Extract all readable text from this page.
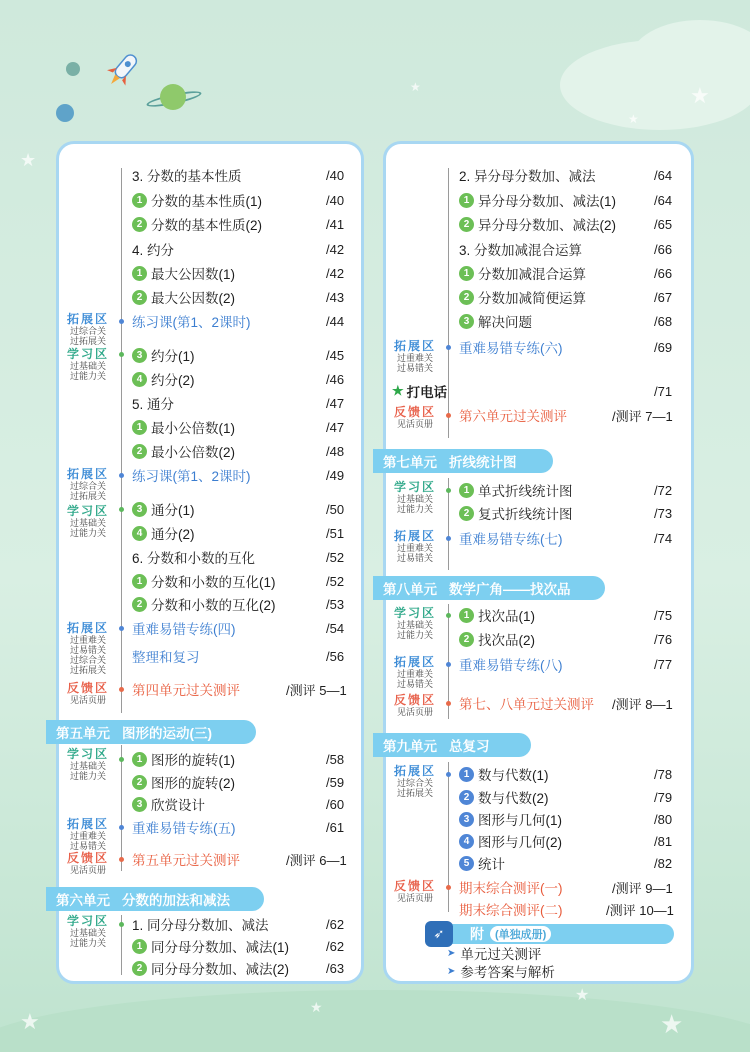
★
★
★
★
★
★
★
★
3. 分数的基本性质	/40
1 分数的基本性质(1)	/40
2 分数的基本性质(2)	/41
4. 约分	/42
1 最大公因数(1)	/42
2 最大公因数(2)	/43
练习课(第1、2课时)	/44
3 约分(1)	/45
4 约分(2)	/46
5. 通分	/47
1 最小公倍数(1)	/47
2 最小公倍数(2)	/48
练习课(第1、2课时)	/49
3 通分(1)	/50
4 通分(2)	/51
6. 分数和小数的互化	/52
1 分数和小数的互化(1)	/52
2 分数和小数的互化(2)	/53
重难易错专练(四)	/54
整理和复习	/56
第四单元过关测评	/测评 5—1
第五单元 图形的运动(三)
1 图形的旋转(1)	/58
2 图形的旋转(2)	/59
3 欣赏设计	/60
重难易错专练(五)	/61
第五单元过关测评	/测评 6—1
第六单元 分数的加法和减法
1. 同分母分数加、减法	/62
1 同分母分数加、减法(1)	/62
2 同分母分数加、减法(2)	/63
拓展区
过综合关
过拓展关
学习区
过基础关
过能力关
拓展区
过综合关
过拓展关
学习区
过基础关
过能力关
拓展区
过重难关
过易错关
过综合关
过拓展关
反馈区
见活页册
学习区
过基础关
过能力关
拓展区
过重难关
过易错关
反馈区
见活页册
学习区
过基础关
过能力关
2. 异分母分数加、减法	/64
1 异分母分数加、减法(1)	/64
2 异分母分数加、减法(2)	/65
3. 分数加减混合运算	/66
1 分数加减混合运算	/66
2 分数加减简便运算	/67
3 解决问题	/68
重难易错专练(六)	/69
★ 打电话	/71
第六单元过关测评	/测评 7—1
第七单元 折线统计图
1 单式折线统计图	/72
2 复式折线统计图	/73
重难易错专练(七)	/74
第八单元 数学广角——找次品
1 找次品(1)	/75
2 找次品(2)	/76
重难易错专练(八)	/77
第七、八单元过关测评 /测评 8—1
第九单元 总复习
1 数与代数(1)	/78
2 数与代数(2)	/79
3 图形与几何(1)	/80
4 图形与几何(2)	/81
5 统计	/82
期末综合测评(一)	/测评 9—1
期末综合测评(二)	/测评 10—1
拓展区
过重难关
过易错关
反馈区
见活页册
学习区
过基础关
过能力关
拓展区
过重难关
过易错关
学习区
过基础关
过能力关
拓展区
过重难关
过易错关
反馈区
见活页册
拓展区
过综合关
过拓展关
反馈区
见活页册
附	(单独成册)
➶
➤ 单元过关测评
➤ 参考答案与解析
